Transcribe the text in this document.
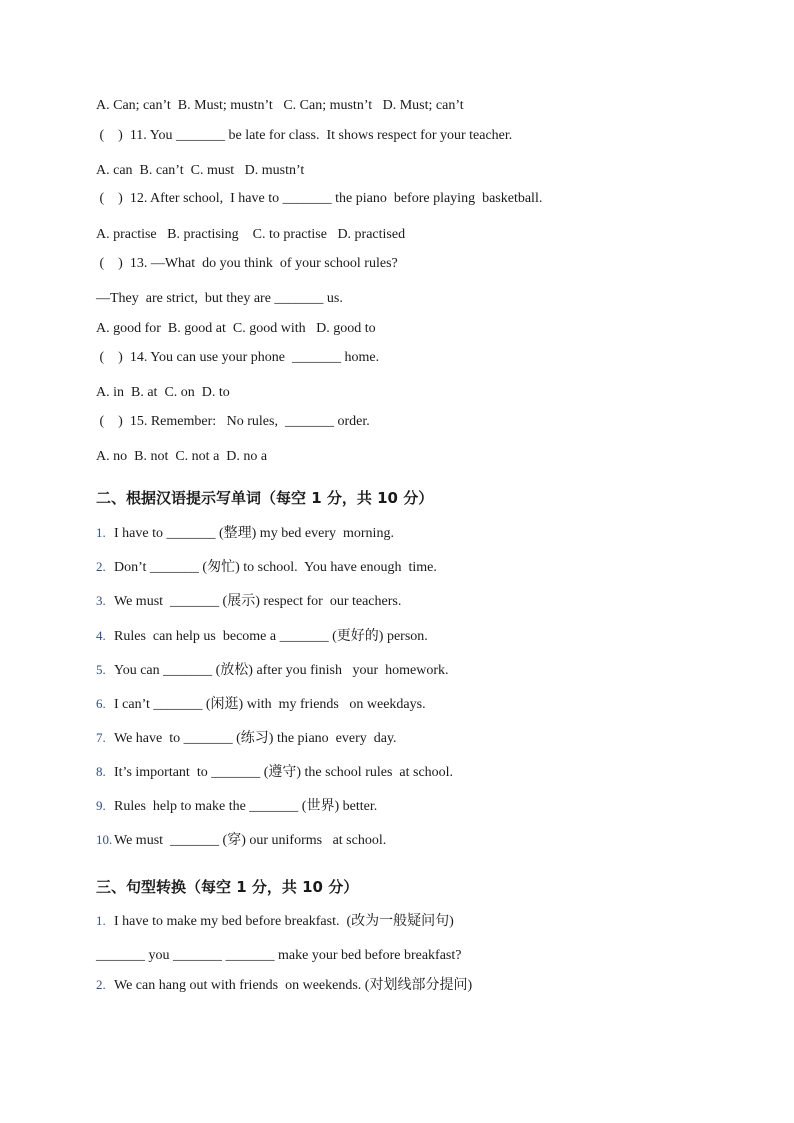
A. Can; can’t  B. Must; mustn’t   C. Can; mustn’t   D. Must; can’t
(    )  11. You _______ be late for class.  It shows respect for your teacher.
A. can  B. can’t  C. must   D. mustn’t
(    )  12. After school,  I have to _______ the piano  before playing  basketball.
A. practise   B. practising    C. to practise   D. practised
(    )  13. —What  do you think  of your school rules?
—They  are strict,  but they are _______ us.
A. good for  B. good at  C. good with   D. good to
(    )  14. You can use your phone  _______ home.
A. in  B. at  C. on  D. to
(    )  15. Remember:   No rules,  _______ order.
A. no  B. not  C. not a  D. no a
二、根据汉语提示写单词（每空 1 分，共 10 分）
1. I have to _______ (整理) my bed every  morning.
2. Don’t _______ (匆忙) to school.  You have enough  time.
3. We must  _______ (展示) respect for  our teachers.
4. Rules  can help us  become a _______ (更好的) person.
5. You can _______ (放松) after you finish   your  homework.
6. I can’t _______ (闲逛) with  my friends   on weekdays.
7. We have  to _______ (练习) the piano  every  day.
8. It’s important  to _______ (遵守) the school rules  at school.
9. Rules  help to make the _______ (世界) better.
10. We must  _______ (穿) our uniforms   at school.
三、句型转换（每空 1 分，共 10 分）
1. I have to make my bed before breakfast.  (改为一般疑问句)
_______ you _______ _______ make your bed before breakfast?
2. We can hang out with friends  on weekends. (对划线部分提问)
